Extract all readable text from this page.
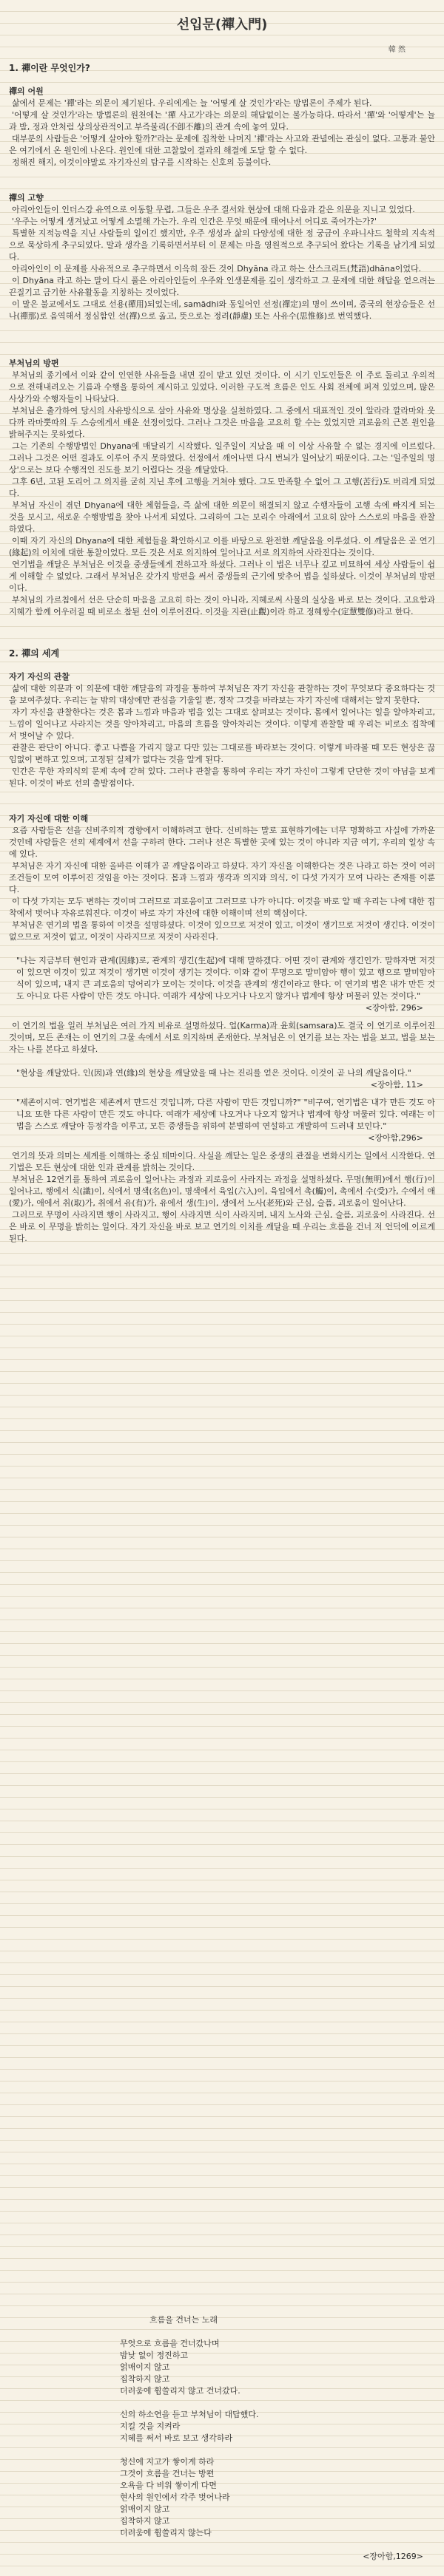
선입문(禪入門)
韓 然
1. 禪이란 무엇인가?
禪의 어원

삶에서 문제는 '禪'라는 의문이 제기된다. 우리에게는 늘 '어떻게 살 것인가'라는 방법론이 주제가 된다.

'어떻게 살 것인가'라는 방법론의 원천에는 '禪 사고가'라는 의문의 해답없이는 불가능하다. 따라서 '禪'와 '어떻게'는 늘과 밤, 정과 안처럼 상의상관적이고 부즉불리(不卽不離)의 관계 속에 놓여 있다.

대부분의 사람들은 '어떻게 살아야 할까?'라는 문제에 집착한 나머지 '禪'라는 사고와 관념에는 관심이 없다. 고통과 불안은 여기에서 온 원인에 나온다. 원인에 대한 고찰없이 결과의 해결에 도달 할 수 없다.

정해진 해지, 이것이야말로 자기자신의 탐구를 시작하는 신호의 등불이다.

禪의 고향

아리아인들이 인더스강 유역으로 이동할 무렵, 그들은 우주 질서와 현상에 대해 다음과 같은 의문을 지니고 있었다.

'우주는 어떻게 생겨났고 어떻게 소멸해 가는가. 우리 인간은 무엇 때문에 태어나서 어디로 죽어가는가?'

특별한 지적능력을 지닌 사람들의 일이긴 했지만, 우주 생성과 삶의 다양성에 대한 정 궁금이 우파니샤드 철학의 지속적으로 묵상하게 추구되었다. 말과 생각을 기록하면서부터 이 문제는 마을 영원적으로 추구되어 왔다는 기록을 남기게 되었다.

아리아인이 이 문제를 사유적으로 추구하면서 이윽히 잠든 것이 Dhyāna 라고 하는 산스크리트(梵語)dhāna이었다.

이 Dhyāna 라고 하는 말이 다시 풀은 아리아인들이 우주와 인생문제를 깊이 생각하고 그 문제에 대한 해답을 얻으려는 끈질기고 금기한 사유활동을 지칭하는 것이었다.

이 말은 불교에서도 그대로 선용(禪用)되었는데, samādhi와 동일어인 선정(禪定)의 명이 쓰이며, 중국의 현장승들은 선나(禪那)로 음역해서 정심함인 선(禪)으로 옮고, 뜻으로는 정려(靜慮) 또는 사유수(思惟修)로 번역했다.

부처님의 방편

부처님의 종기에서 이와 같이 인연한 사유들을 내면 깊이 받고 있던 것이다. 이 시기 인도인들은 이 주로 돌리고 우의적으로 전해내려오는 기름과 수행을 통하여 제시하고 있었다. 이러한 구도적 흐름은 인도 사회 전체에 퍼져 있었으며, 많은 사상가와 수행자들이 나타났다.

부처님은 출가하여 당시의 사유방식으로 삼아 사유와 명상을 실천하였다. 그 중에서 대표적인 것이 알라라 깔라마와 웃다까 라마뿟따의 두 스승에게서 배운 선정이었다. 그러나 그것은 마음을 고요히 할 수는 있었지만 괴로움의 근본 원인을 밝혀주지는 못하였다.

그는 기존의 수행방법인 Dhyana에 매달리기 시작했다. 일주일이 지났을 때 이 이상 사유할 수 없는 경지에 이르렀다. 그러나 그것은 어떤 결과도 이루어 주지 못하였다. 선정에서 깨어나면 다시 번뇌가 일어났기 때문이다. 그는 '일주일의 명상'으로는 보다 수행적인 진도를 보기 어렵다는 것을 깨달았다.

그후 6년, 고된 도리어 그 의지를 굳히 지닌 후에 고행을 거쳐야 했다. 그도 만족할 수 없어 그 고행(苦行)도 버리게 되었다.

부처님 자신이 겪던 Dhyana에 대한 체험들을, 즉 삶에 대한 의문이 해결되지 않고 수행자들이 고행 속에 빠지게 되는 것을 보시고, 새로운 수행방법을 찾아 나서게 되었다. 그리하여 그는 보리수 아래에서 고요히 앉아 스스로의 마음을 관찰하였다.

이때 자기 자신의 Dhyana에 대한 체험들을 확인하시고 이를 바탕으로 완전한 깨달음을 이루셨다. 이 깨달음은 곧 연기(緣起)의 이치에 대한 통찰이었다. 모든 것은 서로 의지하여 일어나고 서로 의지하여 사라진다는 것이다.

연기법을 깨달은 부처님은 이것을 중생들에게 전하고자 하셨다. 그러나 이 법은 너무나 깊고 미묘하여 세상 사람들이 쉽게 이해할 수 없었다. 그래서 부처님은 갖가지 방편을 써서 중생들의 근기에 맞추어 법을 설하셨다. 이것이 부처님의 방편이다.

부처님의 가르침에서 선은 단순히 마음을 고요히 하는 것이 아니라, 지혜로써 사물의 실상을 바로 보는 것이다. 고요함과 지혜가 함께 어우러질 때 비로소 참된 선이 이루어진다. 이것을 지관(止觀)이라 하고 정혜쌍수(定慧雙修)라고 한다.

2. 禪의 세계
자기 자신의 관찰

삶에 대한 의문과 이 의문에 대한 깨달음의 과정을 통하여 부처님은 자기 자신을 관찰하는 것이 무엇보다 중요하다는 것을 보여주셨다. 우리는 늘 밖의 대상에만 관심을 기울일 뿐, 정작 그것을 바라보는 자기 자신에 대해서는 알지 못한다.

자기 자신을 관찰한다는 것은 몸과 느낌과 마음과 법을 있는 그대로 살펴보는 것이다. 몸에서 일어나는 일을 알아차리고, 느낌이 일어나고 사라지는 것을 알아차리고, 마음의 흐름을 알아차리는 것이다. 이렇게 관찰할 때 우리는 비로소 집착에서 벗어날 수 있다.

관찰은 판단이 아니다. 좋고 나쁨을 가리지 않고 다만 있는 그대로를 바라보는 것이다. 이렇게 바라볼 때 모든 현상은 끊임없이 변하고 있으며, 고정된 실체가 없다는 것을 알게 된다.

인간은 무한 자의식의 문제 속에 갇혀 있다. 그러나 관찰을 통하여 우리는 자기 자신이 그렇게 단단한 것이 아님을 보게 된다. 이것이 바로 선의 출발점이다.

자기 자신에 대한 이해

요즘 사람들은 선을 신비주의적 경향에서 이해하려고 한다. 신비하는 말로 표현하기에는 너무 명확하고 사실에 가까운 것인데 사람들은 선의 세계에서 선을 구하려 한다. 그러나 선은 특별한 곳에 있는 것이 아니라 지금 여기, 우리의 일상 속에 있다.

부처님은 자기 자신에 대한 올바른 이해가 곧 깨달음이라고 하셨다. 자기 자신을 이해한다는 것은 나라고 하는 것이 여러 조건들이 모여 이루어진 것임을 아는 것이다. 몸과 느낌과 생각과 의지와 의식, 이 다섯 가지가 모여 나라는 존재를 이룬다.

이 다섯 가지는 모두 변하는 것이며 그러므로 괴로움이고 그러므로 나가 아니다. 이것을 바로 알 때 우리는 나에 대한 집착에서 벗어나 자유로워진다. 이것이 바로 자기 자신에 대한 이해이며 선의 핵심이다.

부처님은 연기의 법을 통하여 이것을 설명하셨다. 이것이 있으므로 저것이 있고, 이것이 생기므로 저것이 생긴다. 이것이 없으므로 저것이 없고, 이것이 사라지므로 저것이 사라진다.

"나는 지금부터 현인과 관계(因緣)로, 관계의 생긴(生起)에 대해 말하겠다. 어떤 것이 관계와 생긴인가. 말하자면 저것이 있으면 이것이 있고 저것이 생기면 이것이 생기는 것이다. 이와 같이 무명으로 말미암아 행이 있고 행으로 말미암아 식이 있으며, 내지 큰 괴로움의 덩어리가 모이는 것이다. 이것을 관계의 생긴이라고 한다. 이 연기의 법은 내가 만든 것도 아니요 다른 사람이 만든 것도 아니다. 여래가 세상에 나오거나 나오지 않거나 법계에 항상 머물러 있는 것이다."

<장아함, 296>

이 연기의 법을 일러 부처님은 여러 가지 비유로 설명하셨다. 업(Karma)과 윤회(samsara)도 결국 이 연기로 이루어진 것이며, 모든 존재는 이 연기의 그물 속에서 서로 의지하며 존재한다. 부처님은 이 연기를 보는 자는 법을 보고, 법을 보는 자는 나를 본다고 하셨다.

"현상을 깨달았다. 인(因)과 연(緣)의 현상을 깨달았을 때 나는 진리를 얻은 것이다. 이것이 곧 나의 깨달음이다."

<장아함, 11>

"세존이시여. 연기법은 세존께서 만드신 것입니까, 다른 사람이 만든 것입니까?" "비구여, 연기법은 내가 만든 것도 아니요 또한 다른 사람이 만든 것도 아니다. 여래가 세상에 나오거나 나오지 않거나 법계에 항상 머물러 있다. 여래는 이 법을 스스로 깨달아 등정각을 이루고, 모든 중생들을 위하여 분별하여 연설하고 개발하여 드러내 보인다."

<장아함,296>

연기의 뜻과 의미는 세계를 이해하는 중심 테마이다. 사실을 깨닫는 일은 중생의 관점을 변화시키는 일에서 시작한다. 연기법은 모든 현상에 대한 인과 관계를 밝히는 것이다.

부처님은 12연기를 통하여 괴로움이 일어나는 과정과 괴로움이 사라지는 과정을 설명하셨다. 무명(無明)에서 행(行)이 일어나고, 행에서 식(識)이, 식에서 명색(名色)이, 명색에서 육입(六入)이, 육입에서 촉(觸)이, 촉에서 수(受)가, 수에서 애(愛)가, 애에서 취(取)가, 취에서 유(有)가, 유에서 생(生)이, 생에서 노사(老死)와 근심, 슬픔, 괴로움이 일어난다.

그러므로 무명이 사라지면 행이 사라지고, 행이 사라지면 식이 사라지며, 내지 노사와 근심, 슬픔, 괴로움이 사라진다. 선은 바로 이 무명을 밝히는 일이다. 자기 자신을 바로 보고 연기의 이치를 깨달을 때 우리는 흐름을 건너 저 언덕에 이르게 된다.

흐름을 건너는 노래
무엇으로 흐름을 건너갔나며
밤낮 없이 정진하고
얽매이지 않고
집착하지 않고
더러움에 휩쓸리지 않고 건너갔다.
신의 하소연을 듣고 부처님이 대답했다.
지킬 것을 지켜라
지혜를 써서 바로 보고 생각하라
청신에 지고가 쌓이게 하라
그것이 흐름을 건너는 방편
오욕을 다 비워 쌓이게 다면
현사의 원인에서 각주 벗어나라
얽매이지 않고
집착하지 않고
더러움에 휩쓸리지 않는다
<장아함,1269>
